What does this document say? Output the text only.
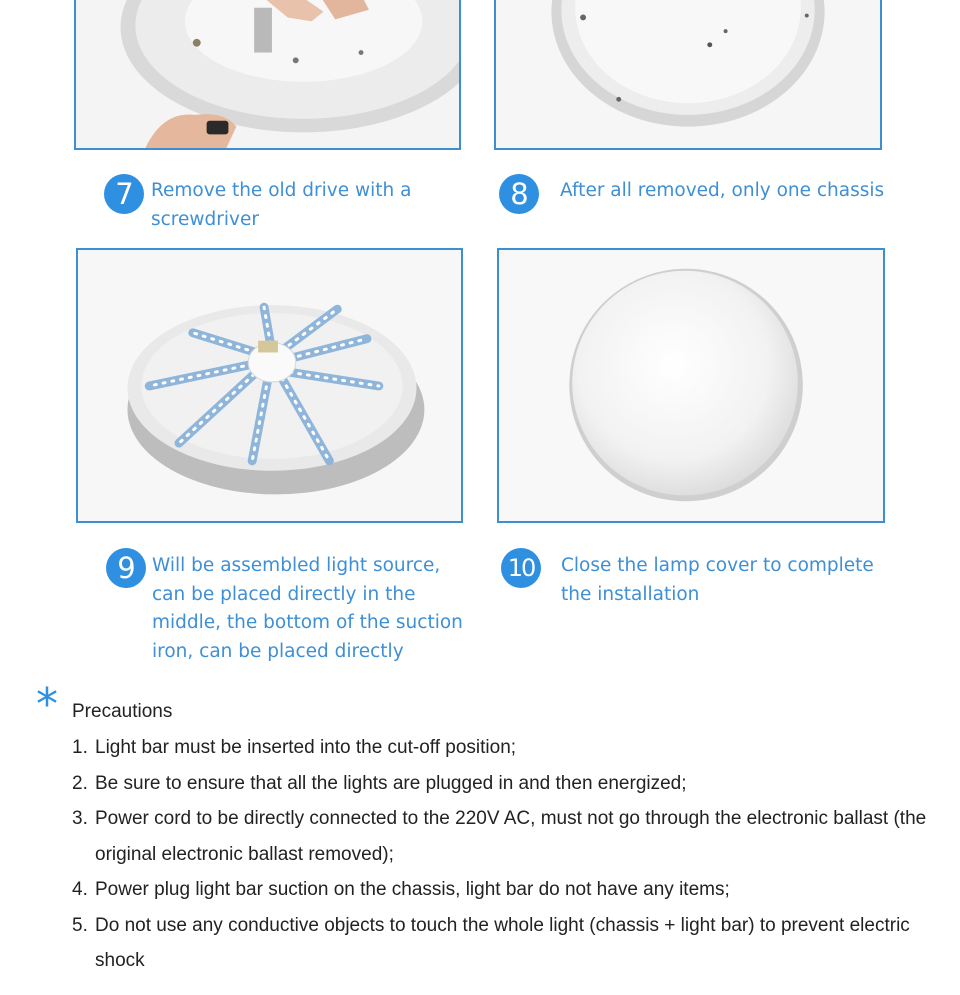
7 Remove the old drive with a
screwdriver
8	After all removed, only one chassis
9 Will be assembled light source,
can be placed directly in the
middle, the bottom of the suction
iron, can be placed directly
10	Close the lamp cover to complete
the installation
* Precautions
1. Light bar must be inserted into the cut-off position;
2. Be sure to ensure that all the lights are plugged in and then energized;
3. Power cord to be directly connected to the 220V AC, must not go through the electronic ballast (the original electronic ballast removed);
4. Power plug light bar suction on the chassis, light bar do not have any items;
5. Do not use any conductive objects to touch the whole light (chassis + light bar) to prevent electric shock
